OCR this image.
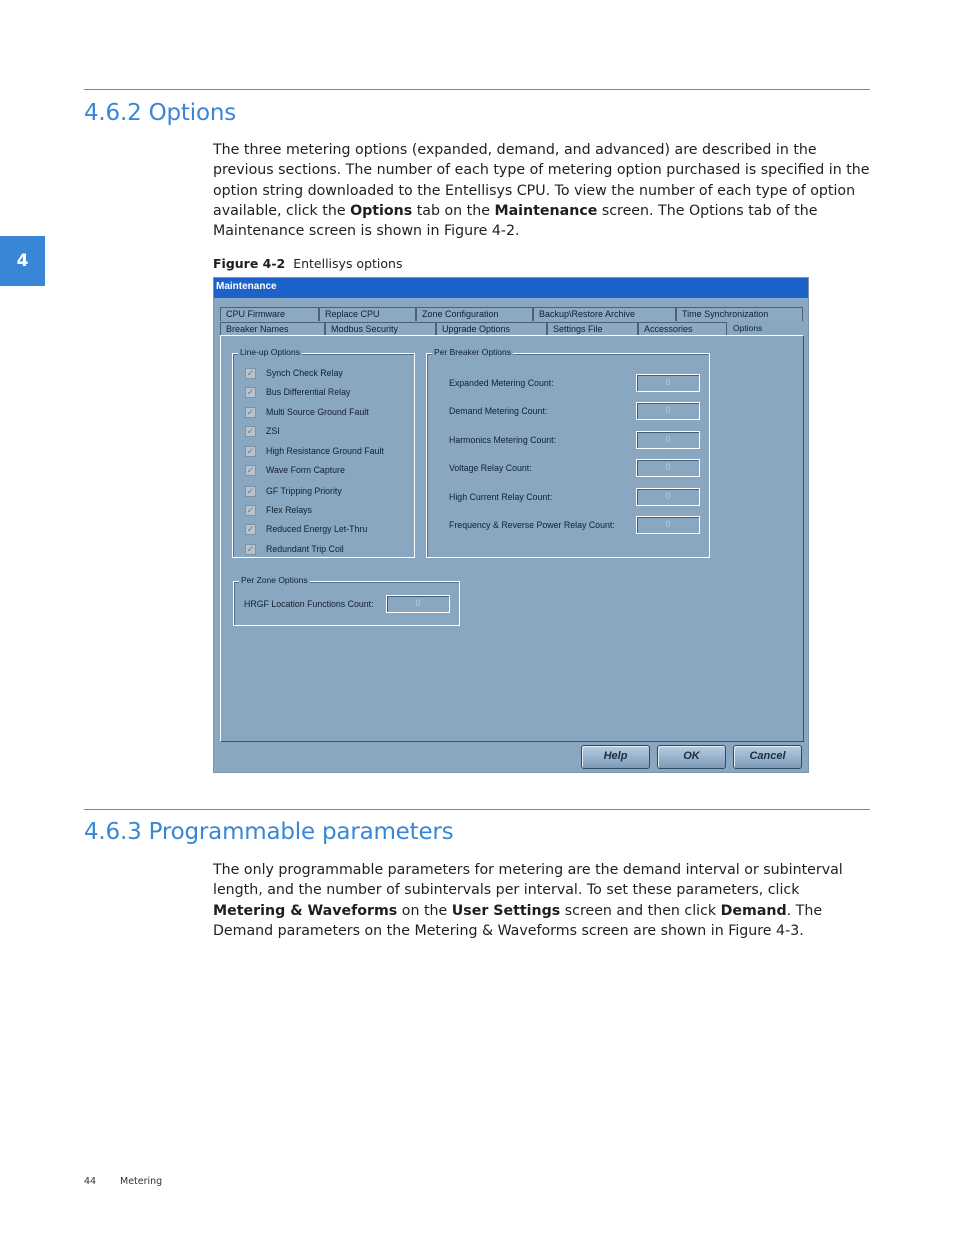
4.6.2 Options

The three metering options (expanded, demand, and advanced) are described in the previous sections. The number of each type of metering option purchased is specified in the option string downloaded to the Entellisys CPU. To view the number of each type of option available, click the Options tab on the Maintenance screen. The Options tab of the Maintenance screen is shown in Figure 4-2.

4	Figure 4-2 Entellisys options
Maintenance
CPU Firmware	Replace CPU	Zone Configuration	Backup\Restore Archive	Time Synchronization
Breaker Names	Modbus Security	Upgrade Options	Settings File	Accessories	Options
Line-up Options
✓ Synch Check Relay
✓ Bus Differential Relay
✓ Multi Source Ground Fault
✓ ZSI
✓ High Resistance Ground Fault
✓ Wave Form Capture
✓ GF Tripping Priority
✓ Flex Relays
✓ Reduced Energy Let-Thru
✓ Redundant Trip Coil
Per Breaker Options
Expanded Metering Count:	0
Demand Metering Count:	0
Harmonics Metering Count:	0
Voltage Relay Count:	0
High Current Relay Count:	0
Frequency & Reverse Power Relay Count:	0
Per Zone Options
HRGF Location Functions Count:	0
Help	OK	Cancel
4.6.3 Programmable parameters

The only programmable parameters for metering are the demand interval or subinterval length, and the number of subintervals per interval. To set these parameters, click Metering & Waveforms on the User Settings screen and then click Demand. The Demand parameters on the Metering & Waveforms screen are shown in Figure 4-3.

44	Metering
